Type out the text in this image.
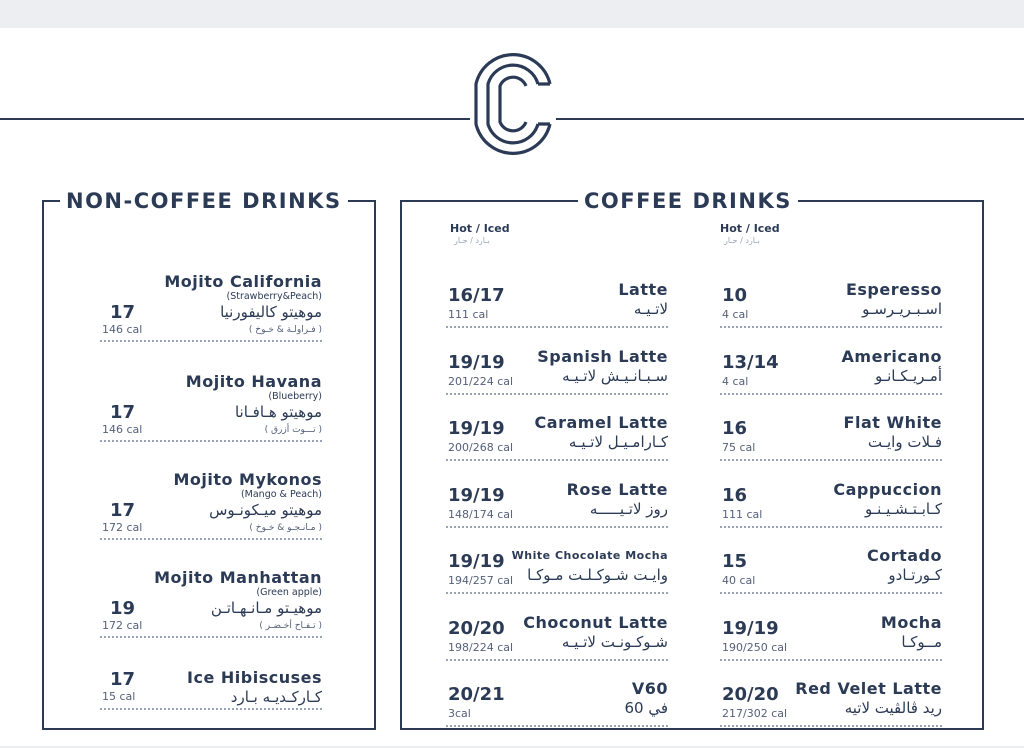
NON-COFFEE DRINKS
Mojito California
(Strawberry&Peach)
موهيتو كاليفورنيا
( فـراولـة & خـوخ )
17
146 cal
Mojito Havana
(Blueberry)
موهيتو هـافـانا
( تـــوت أزرق )
17
146 cal
Mojito Mykonos
(Mango & Peach)
موهيتو ميـكونـوس
( مـانـجـو & خـوخ )
17
172 cal
Mojito Manhattan
(Green apple)
موهيـتو مـانـهـاتـن
( تـفـاح أخـضـر )
19
172 cal
Ice Hibiscuses
كـاركـديـه بـارد
17
15 cal
COFFEE DRINKS
Hot / Iced
بـارد / حـار
Hot / Iced
بـارد / حـار
Latte
لاتـيـه
16/17
111 cal
Spanish Latte
سـبـانـيـش لاتـيـه
19/19
201/224 cal
Caramel Latte
كـارامـيـل لاتـيـه
19/19
200/268 cal
Rose Latte
روز لاتـيـــــه
19/19
148/174 cal
White Chocolate Mocha
وايـت شـوكـلـت مـوكـا
19/19
194/257 cal
Choconut Latte
شـوكـونـت لاتـيـه
20/20
198/224 cal
V60
في 60
20/21
3cal
Esperesso
اسـبـريـرسـو
10
4 cal
Americano
أمـريـكـانـو
13/14
4 cal
Flat White
فـلات وايـت
16
75 cal
Cappuccion
كـابـتـشـيـنـو
16
111 cal
Cortado
كـورتـادو
15
40 cal
Mocha
مــوكـا
19/19
190/250 cal
Red Velet Latte
ريد ڤالڤيت لاتيه
20/20
217/302 cal
